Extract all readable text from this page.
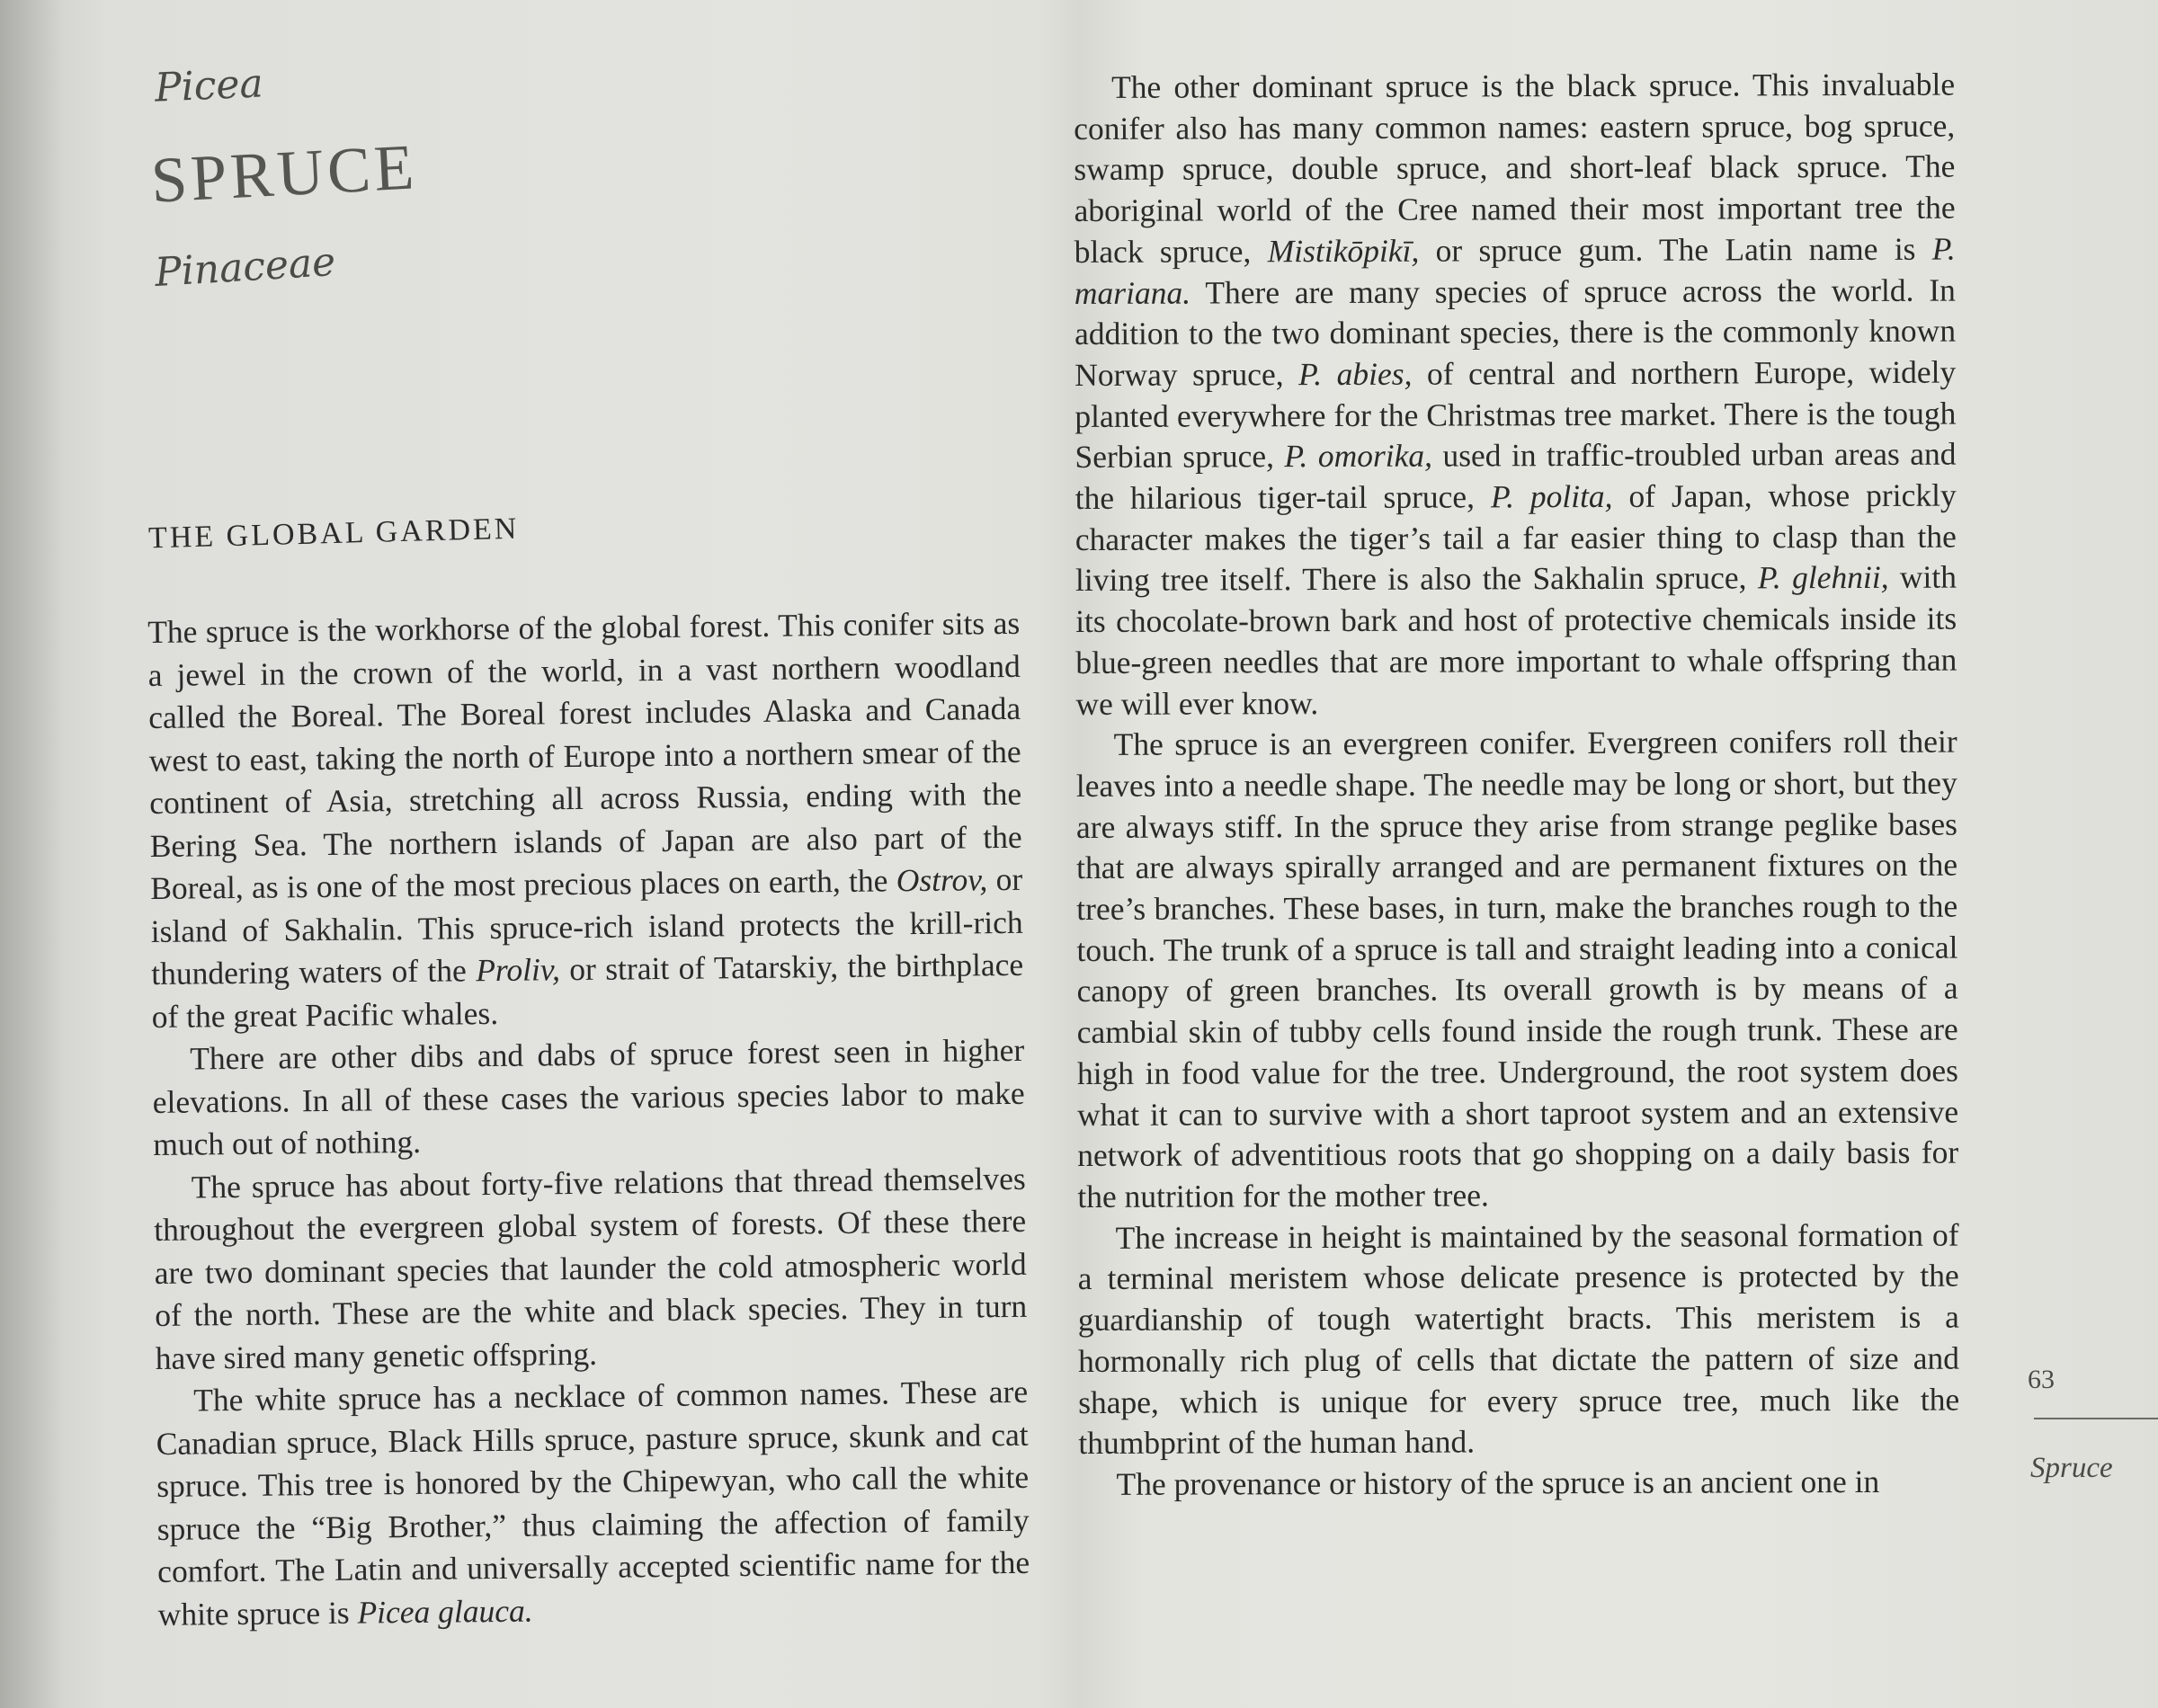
Picea
SPRUCE
Pinaceae
THE GLOBAL GARDEN

The spruce is the workhorse of the global forest. This conifer sits as a jewel in the crown of the world, in a vast northern woodland called the Boreal. The Boreal forest includes Alaska and Canada west to east, taking the north of Europe into a northern smear of the continent of Asia, stretching all across Russia, ending with the Bering Sea. The northern islands of Japan are also part of the Boreal, as is one of the most precious places on earth, the Ostrov, or island of Sakhalin. This spruce-rich island protects the krill-rich thundering waters of the Proliv, or strait of Tatarskiy, the birthplace of the great Pacific whales.

There are other dibs and dabs of spruce forest seen in higher elevations. In all of these cases the various species labor to make much out of nothing.

The spruce has about forty-five relations that thread themselves throughout the evergreen global system of forests. Of these there are two dominant species that launder the cold atmospheric world of the north. These are the white and black species. They in turn have sired many genetic offspring.

The white spruce has a necklace of common names. These are Canadian spruce, Black Hills spruce, pasture spruce, skunk and cat spruce. This tree is honored by the Chipewyan, who call the white spruce the “Big Brother,” thus claiming the affection of family comfort. The Latin and universally accepted scientific name for the white spruce is Picea glauca.

The other dominant spruce is the black spruce. This invaluable conifer also has many common names: eastern spruce, bog spruce, swamp spruce, double spruce, and short-leaf black spruce. The aboriginal world of the Cree named their most important tree the black spruce, Mistikōpikī, or spruce gum. The Latin name is P. mariana. There are many species of spruce across the world. In addition to the two dominant species, there is the commonly known Norway spruce, P. abies, of central and northern Europe, widely planted everywhere for the Christmas tree market. There is the tough Serbian spruce, P. omorika, used in traffic-troubled urban areas and the hilarious tiger-tail spruce, P. polita, of Japan, whose prickly character makes the tiger’s tail a far easier thing to clasp than the living tree itself. There is also the Sakhalin spruce, P. glehnii, with its chocolate-brown bark and host of protective chemicals inside its blue-green needles that are more important to whale offspring than we will ever know.

The spruce is an evergreen conifer. Evergreen conifers roll their leaves into a needle shape. The needle may be long or short, but they are always stiff. In the spruce they arise from strange peglike bases that are always spirally arranged and are permanent fixtures on the tree’s branches. These bases, in turn, make the branches rough to the touch. The trunk of a spruce is tall and straight leading into a conical canopy of green branches. Its overall growth is by means of a cambial skin of tubby cells found inside the rough trunk. These are high in food value for the tree. Underground, the root system does what it can to survive with a short taproot system and an extensive network of adventitious roots that go shopping on a daily basis for the nutrition for the mother tree.

The increase in height is maintained by the seasonal formation of a terminal meristem whose delicate presence is protected by the guardianship of tough watertight bracts. This meristem is a hormonally rich plug of cells that dictate the pattern of size and shape, which is unique for every spruce tree, much like the thumbprint of the human hand.

The provenance or history of the spruce is an ancient one in

63
Spruce
